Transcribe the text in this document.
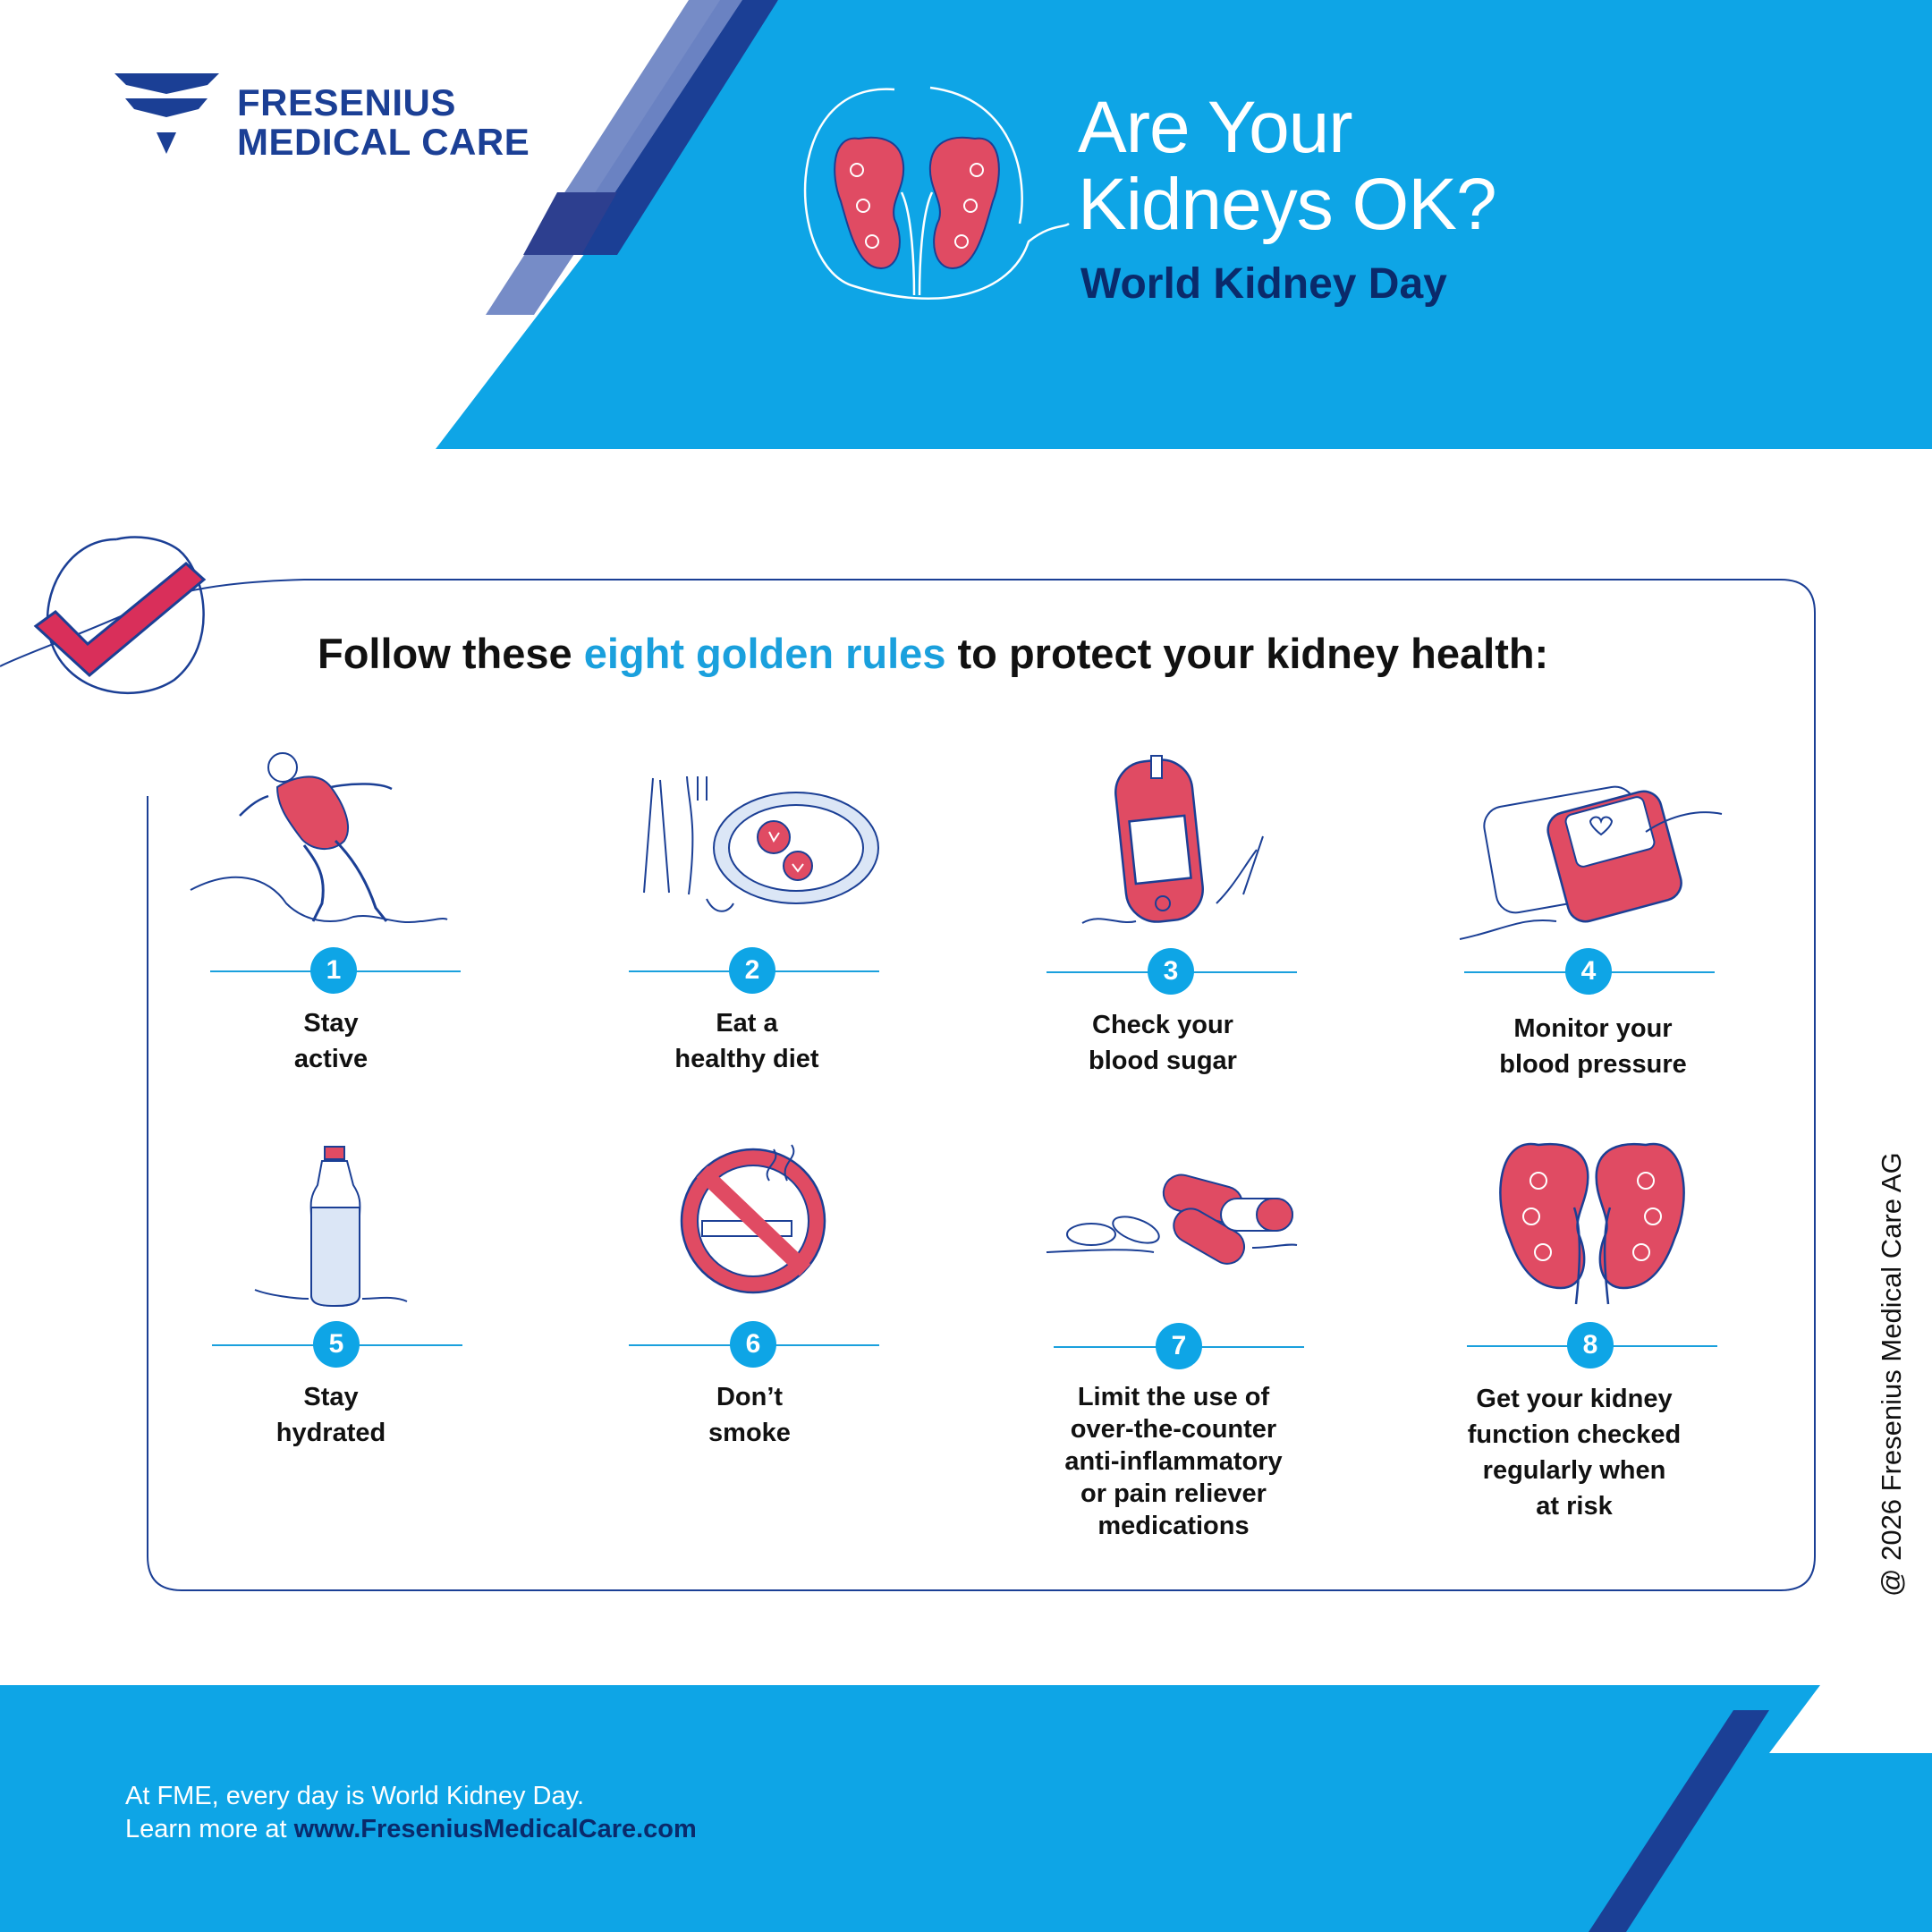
FRESENIUS
MEDICAL CARE	Are Your
Kidneys OK?
World Kidney Day
Follow these eight golden rules to protect your kidney health:
1
Stay
active
2
Eat a
healthy diet
3
Check your
blood sugar
4
Monitor your
blood pressure
5
Stay
hydrated
6
Don’t
smoke
7
Limit the use of
over-the-counter
anti-inflammatory
or pain reliever
medications
8
Get your kidney
function checked
regularly when
at risk	@ 2026 Fresenius Medical Care AG
At FME, every day is World Kidney Day.
Learn more at www.FreseniusMedicalCare.com
